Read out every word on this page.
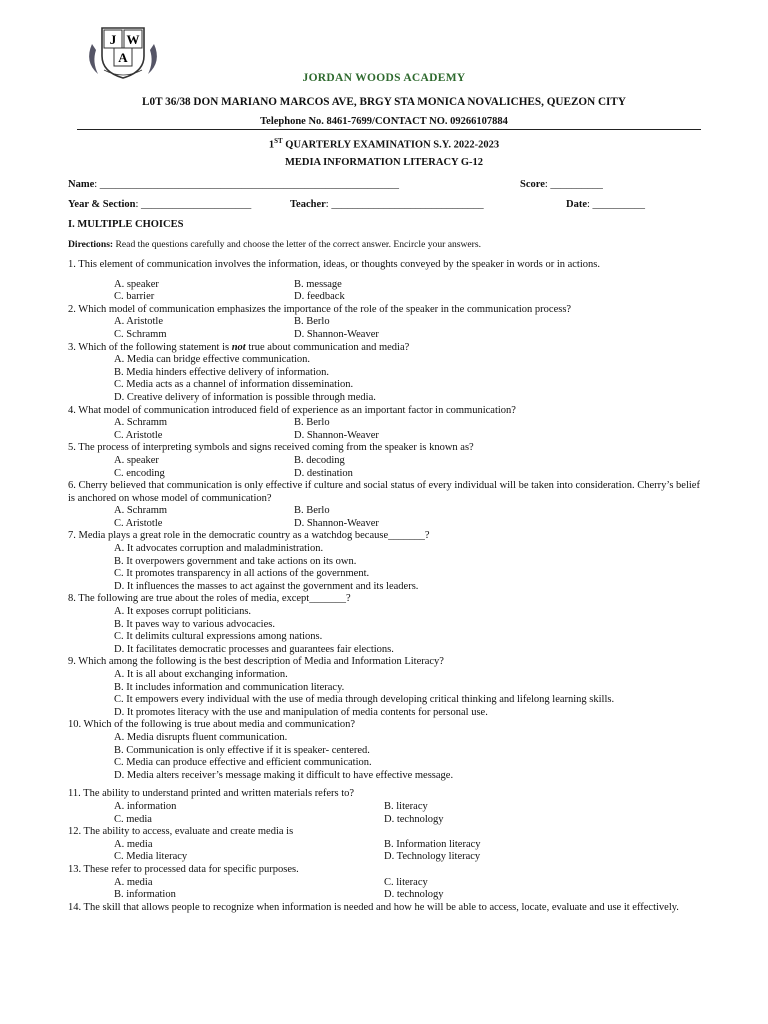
J W
A
JORDAN WOODS ACADEMY
L0T 36/38 DON MARIANO MARCOS AVE, BRGY STA MONICA NOVALICHES, QUEZON CITY
Telephone No. 8461-7699/CONTACT NO. 09266107884
1ST QUARTERLY EXAMINATION S.Y. 2022-2023
MEDIA INFORMATION LITERACY G-12
Name: _________________________________________________________	Score: __________
Year & Section: _____________________	Teacher: _____________________________	Date: __________
I. MULTIPLE CHOICES
Directions: Read the questions carefully and choose the letter of the correct answer. Encircle your answers.
1. This element of communication involves the information, ideas, or thoughts conveyed by the speaker in words or in actions.
A. speaker	B. message
C. barrier	D. feedback
2. Which model of communication emphasizes the importance of the role of the speaker in the communication process?
A. Aristotle	B. Berlo
C. Schramm	D. Shannon-Weaver
3. Which of the following statement is not true about communication and media?
A. Media can bridge effective communication.
B. Media hinders effective delivery of information.
C. Media acts as a channel of information dissemination.
D. Creative delivery of information is possible through media.
4. What model of communication introduced field of experience as an important factor in communication?
A. Schramm	B. Berlo
C. Aristotle	D. Shannon-Weaver
5. The process of interpreting symbols and signs received coming from the speaker is known as?
A. speaker	B. decoding
C. encoding	D. destination
6. Cherry believed that communication is only effective if culture and social status of every individual will be taken into consideration. Cherry’s belief is anchored on whose model of communication?
A. Schramm	B. Berlo
C. Aristotle	D. Shannon-Weaver
7. Media plays a great role in the democratic country as a watchdog because_______?
A. It advocates corruption and maladministration.
B. It overpowers government and take actions on its own.
C. It promotes transparency in all actions of the government.
D. It influences the masses to act against the government and its leaders.
8. The following are true about the roles of media, except_______?
A. It exposes corrupt politicians.
B. It paves way to various advocacies.
C. It delimits cultural expressions among nations.
D. It facilitates democratic processes and guarantees fair elections.
9. Which among the following is the best description of Media and Information Literacy?
A. It is all about exchanging information.
B. It includes information and communication literacy.
C. It empowers every individual with the use of media through developing critical thinking and lifelong learning skills.
D. It promotes literacy with the use and manipulation of media contents for personal use.
10. Which of the following is true about media and communication?
A. Media disrupts fluent communication.
B. Communication is only effective if it is speaker- centered.
C. Media can produce effective and efficient communication.
D. Media alters receiver’s message making it difficult to have effective message.
11. The ability to understand printed and written materials refers to?
A. information	B. literacy
C. media	D. technology
12. The ability to access, evaluate and create media is
A. media	B. Information literacy
C. Media literacy	D. Technology literacy
13. These refer to processed data for specific purposes.
A. media	C. literacy
B. information	D. technology
14. The skill that allows people to recognize when information is needed and how he will be able to access, locate, evaluate and use it effectively.
